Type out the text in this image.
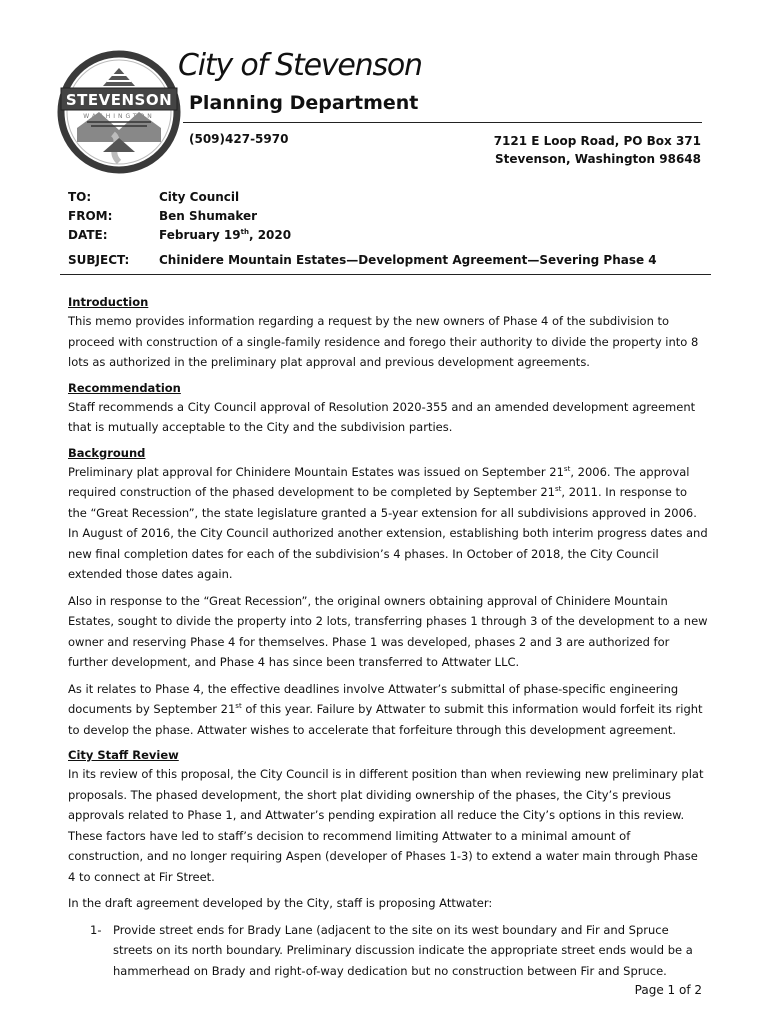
STEVENSON
WASHINGTON
City of Stevenson
Planning Department
(509)427-5970	7121 E Loop Road, PO Box 371
Stevenson, Washington 98648
TO:	City Council
FROM:	Ben Shumaker
DATE:	February 19th, 2020
SUBJECT: Chinidere Mountain Estates—Development Agreement—Severing Phase 4
Introduction

This memo provides information regarding a request by the new owners of Phase 4 of the subdivision to proceed with construction of a single-family residence and forego their authority to divide the property into 8 lots as authorized in the preliminary plat approval and previous development agreements.

Recommendation

Staff recommends a City Council approval of Resolution 2020-355 and an amended development agreement that is mutually acceptable to the City and the subdivision parties.

Background

Preliminary plat approval for Chinidere Mountain Estates was issued on September 21st, 2006. The approval required construction of the phased development to be completed by September 21st, 2011. In response to the “Great Recession”, the state legislature granted a 5-year extension for all subdivisions approved in 2006. In August of 2016, the City Council authorized another extension, establishing both interim progress dates and new final completion dates for each of the subdivision’s 4 phases. In October of 2018, the City Council extended those dates again.

Also in response to the “Great Recession”, the original owners obtaining approval of Chinidere Mountain Estates, sought to divide the property into 2 lots, transferring phases 1 through 3 of the development to a new owner and reserving Phase 4 for themselves. Phase 1 was developed, phases 2 and 3 are authorized for further development, and Phase 4 has since been transferred to Attwater LLC.

As it relates to Phase 4, the effective deadlines involve Attwater’s submittal of phase-specific engineering documents by September 21st of this year. Failure by Attwater to submit this information would forfeit its right to develop the phase. Attwater wishes to accelerate that forfeiture through this development agreement.

City Staff Review

In its review of this proposal, the City Council is in different position than when reviewing new preliminary plat proposals. The phased development, the short plat dividing ownership of the phases, the City’s previous approvals related to Phase 1, and Attwater’s pending expiration all reduce the City’s options in this review. These factors have led to staff’s decision to recommend limiting Attwater to a minimal amount of construction, and no longer requiring Aspen (developer of Phases 1-3) to extend a water main through Phase 4 to connect at Fir Street.

In the draft agreement developed by the City, staff is proposing Attwater:

1- Provide street ends for Brady Lane (adjacent to the site on its west boundary and Fir and Spruce streets on its north boundary. Preliminary discussion indicate the appropriate street ends would be a hammerhead on Brady and right-of-way dedication but no construction between Fir and Spruce.
Page 1 of 2
